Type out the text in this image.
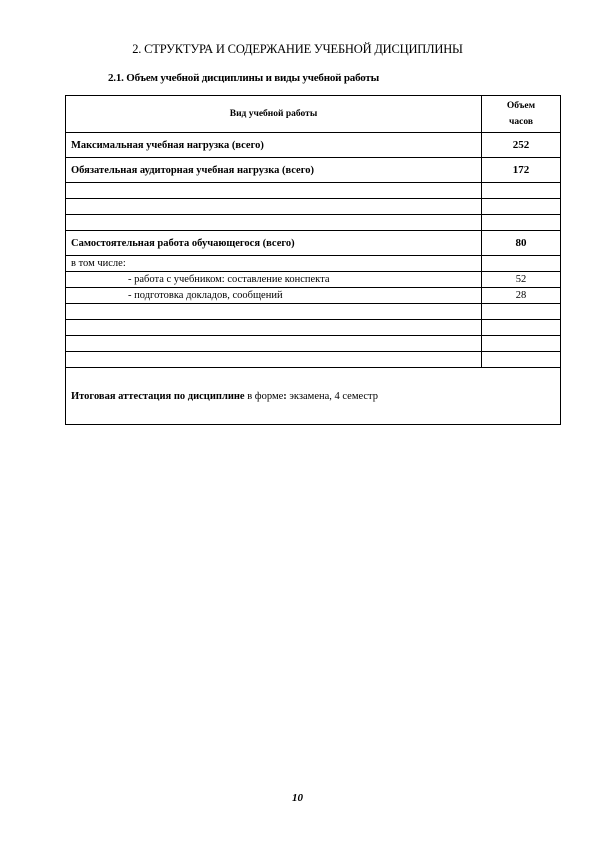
2. СТРУКТУРА И СОДЕРЖАНИЕ УЧЕБНОЙ ДИСЦИПЛИНЫ
2.1. Объем учебной дисциплины и виды учебной работы
Вид учебной работы	Объем
часов
Максимальная учебная нагрузка (всего)	252
Обязательная аудиторная учебная нагрузка (всего)	172

Самостоятельная работа обучающегося (всего)	80
в том числе:	
- работа с учебником: составление конспекта	52
- подготовка докладов, сообщений	28

Итоговая аттестация по дисциплине в форме: экзамена, 4 семестр	
10
